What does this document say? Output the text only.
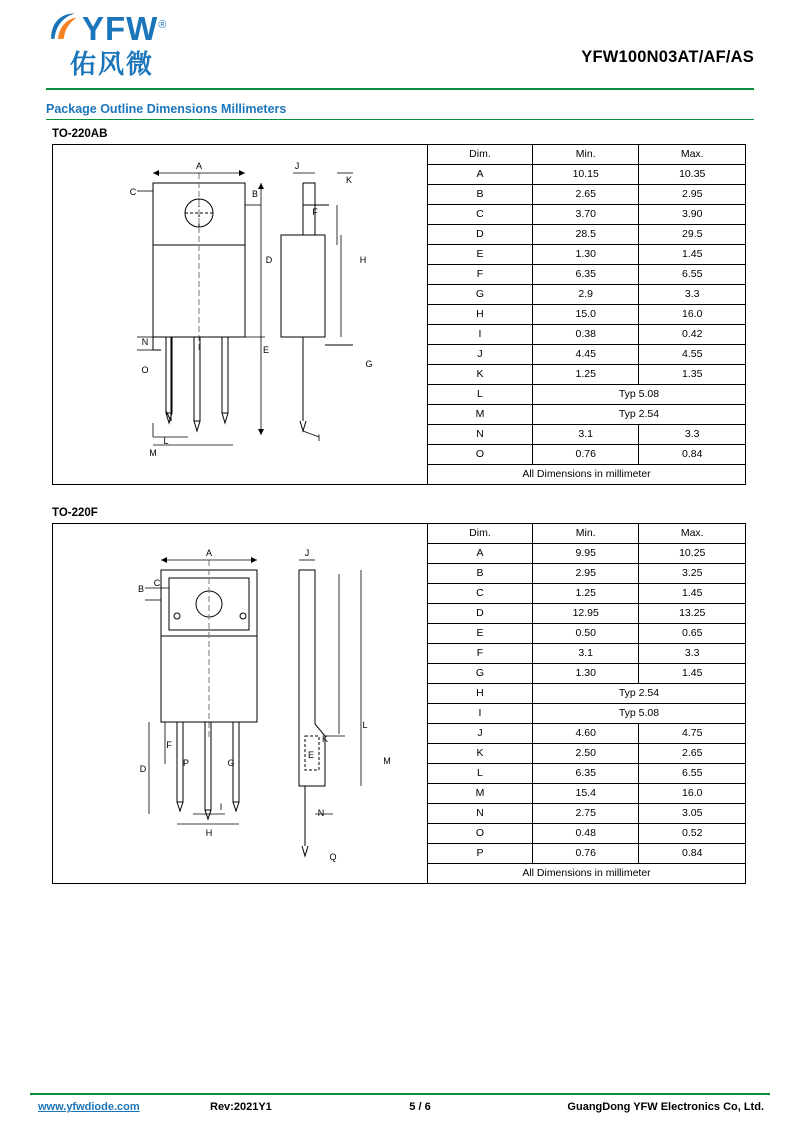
YFW®
佑风微	YFW100N03AT/AF/AS
Package Outline Dimensions Millimeters
TO-220AB
A
C	B
D
N
E
O
L
M
J
K
F
H
G
I
Dim.	Min.	Max.
A	10.15	10.35
B	2.65	2.95
C	3.70	3.90
D	28.5	29.5
E	1.30	1.45
F	6.35	6.55
G	2.9	3.3
H	15.0	16.0
I	0.38	0.42
J	4.45	4.55
K	1.25	1.35
L	Typ 5.08	
M	Typ 2.54	
N	3.1	3.3
O	0.76	0.84
All Dimensions in millimeter		
TO-220F
A
B
C
D
F
P	G
I
H
J
K
E
L
M
N
Q
Dim.	Min.	Max.
A	9.95	10.25
B	2.95	3.25
C	1.25	1.45
D	12.95	13.25
E	0.50	0.65
F	3.1	3.3
G	1.30	1.45
H	Typ 2.54	
I	Typ 5.08	
J	4.60	4.75
K	2.50	2.65
L	6.35	6.55
M	15.4	16.0
N	2.75	3.05
O	0.48	0.52
P	0.76	0.84
All Dimensions in millimeter		
www.yfwdiode.com	Rev:2021Y1	5 / 6	GuangDong YFW Electronics Co, Ltd.
